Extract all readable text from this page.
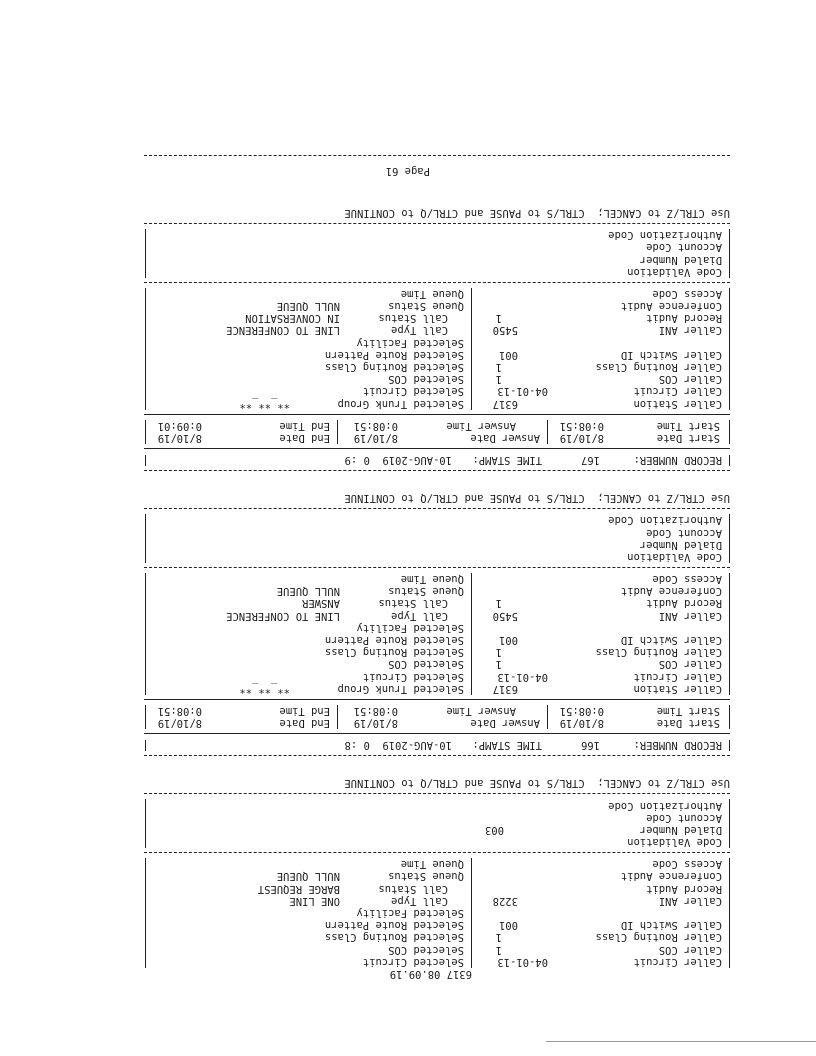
6317 08.09.19

Caller Circuit

04-01-13

Selected Circuit

Caller COS

1

Selected COS

Caller Routing Class

1

Selected Routing Class

Caller Switch ID

001

Selected Route Pattern

Selected Facility

Caller ANI

3228

Call Type

ONE LINE

Record Audit

Call Status

BARGE REQUEST

Conference Audit

Queue Status

NULL QUEUE

Access Code

Queue Time

Code Validation

Dialed Number

003

Account Code

Authorization Code

Use CTRL/Z to CANCEL;  CTRL/S to PAUSE and CTRL/Q to CONTINUE

RECORD NUMBER:

166

TIME STAMP:

10-AUG-2019  0 :8

Start Date

8/10/19

Answer Date

8/10/19

End Date

8/10/19

Start Time

0:08:51

Answer Time

0:08:51

End Time

0:08:51

Caller Station

6317

Selected Trunk Group

**_**_**

Caller Circuit

04-01-13

Selected Circuit

Caller COS

1

Selected COS

Caller Routing Class

1

Selected Routing Class

Caller Switch ID

001

Selected Route Pattern

Selected Facility

Caller ANI

5450

Call Type

LINE TO CONFERENCE

Record Audit

1

Call Status

ANSWER

Conference Audit

Queue Status

NULL QUEUE

Access Code

Queue Time

Code Validation

Dialed Number

Account Code

Authorization Code

Use CTRL/Z to CANCEL;  CTRL/S to PAUSE and CTRL/Q to CONTINUE

RECORD NUMBER:

167

TIME STAMP:

10-AUG-2019  0 :9

Start Date

8/10/19

Answer Date

8/10/19

End Date

8/10/19

Start Time

0:08:51

Answer Time

0:08:51

End Time

0:09:01

Caller Station

6317

Selected Trunk Group

**_**_**

Caller Circuit

04-01-13

Selected Circuit

Caller COS

1

Selected COS

Caller Routing Class

1

Selected Routing Class

Caller Switch ID

001

Selected Route Pattern

Selected Facility

Caller ANI

5450

Call Type

LINE TO CONFERENCE

Record Audit

1

Call Status

IN CONVERSATION

Conference Audit

Queue Status

NULL QUEUE

Access Code

Queue Time

Code Validation

Dialed Number

Account Code

Authorization Code

Use CTRL/Z to CANCEL;  CTRL/S to PAUSE and CTRL/Q to CONTINUE
Page 61
